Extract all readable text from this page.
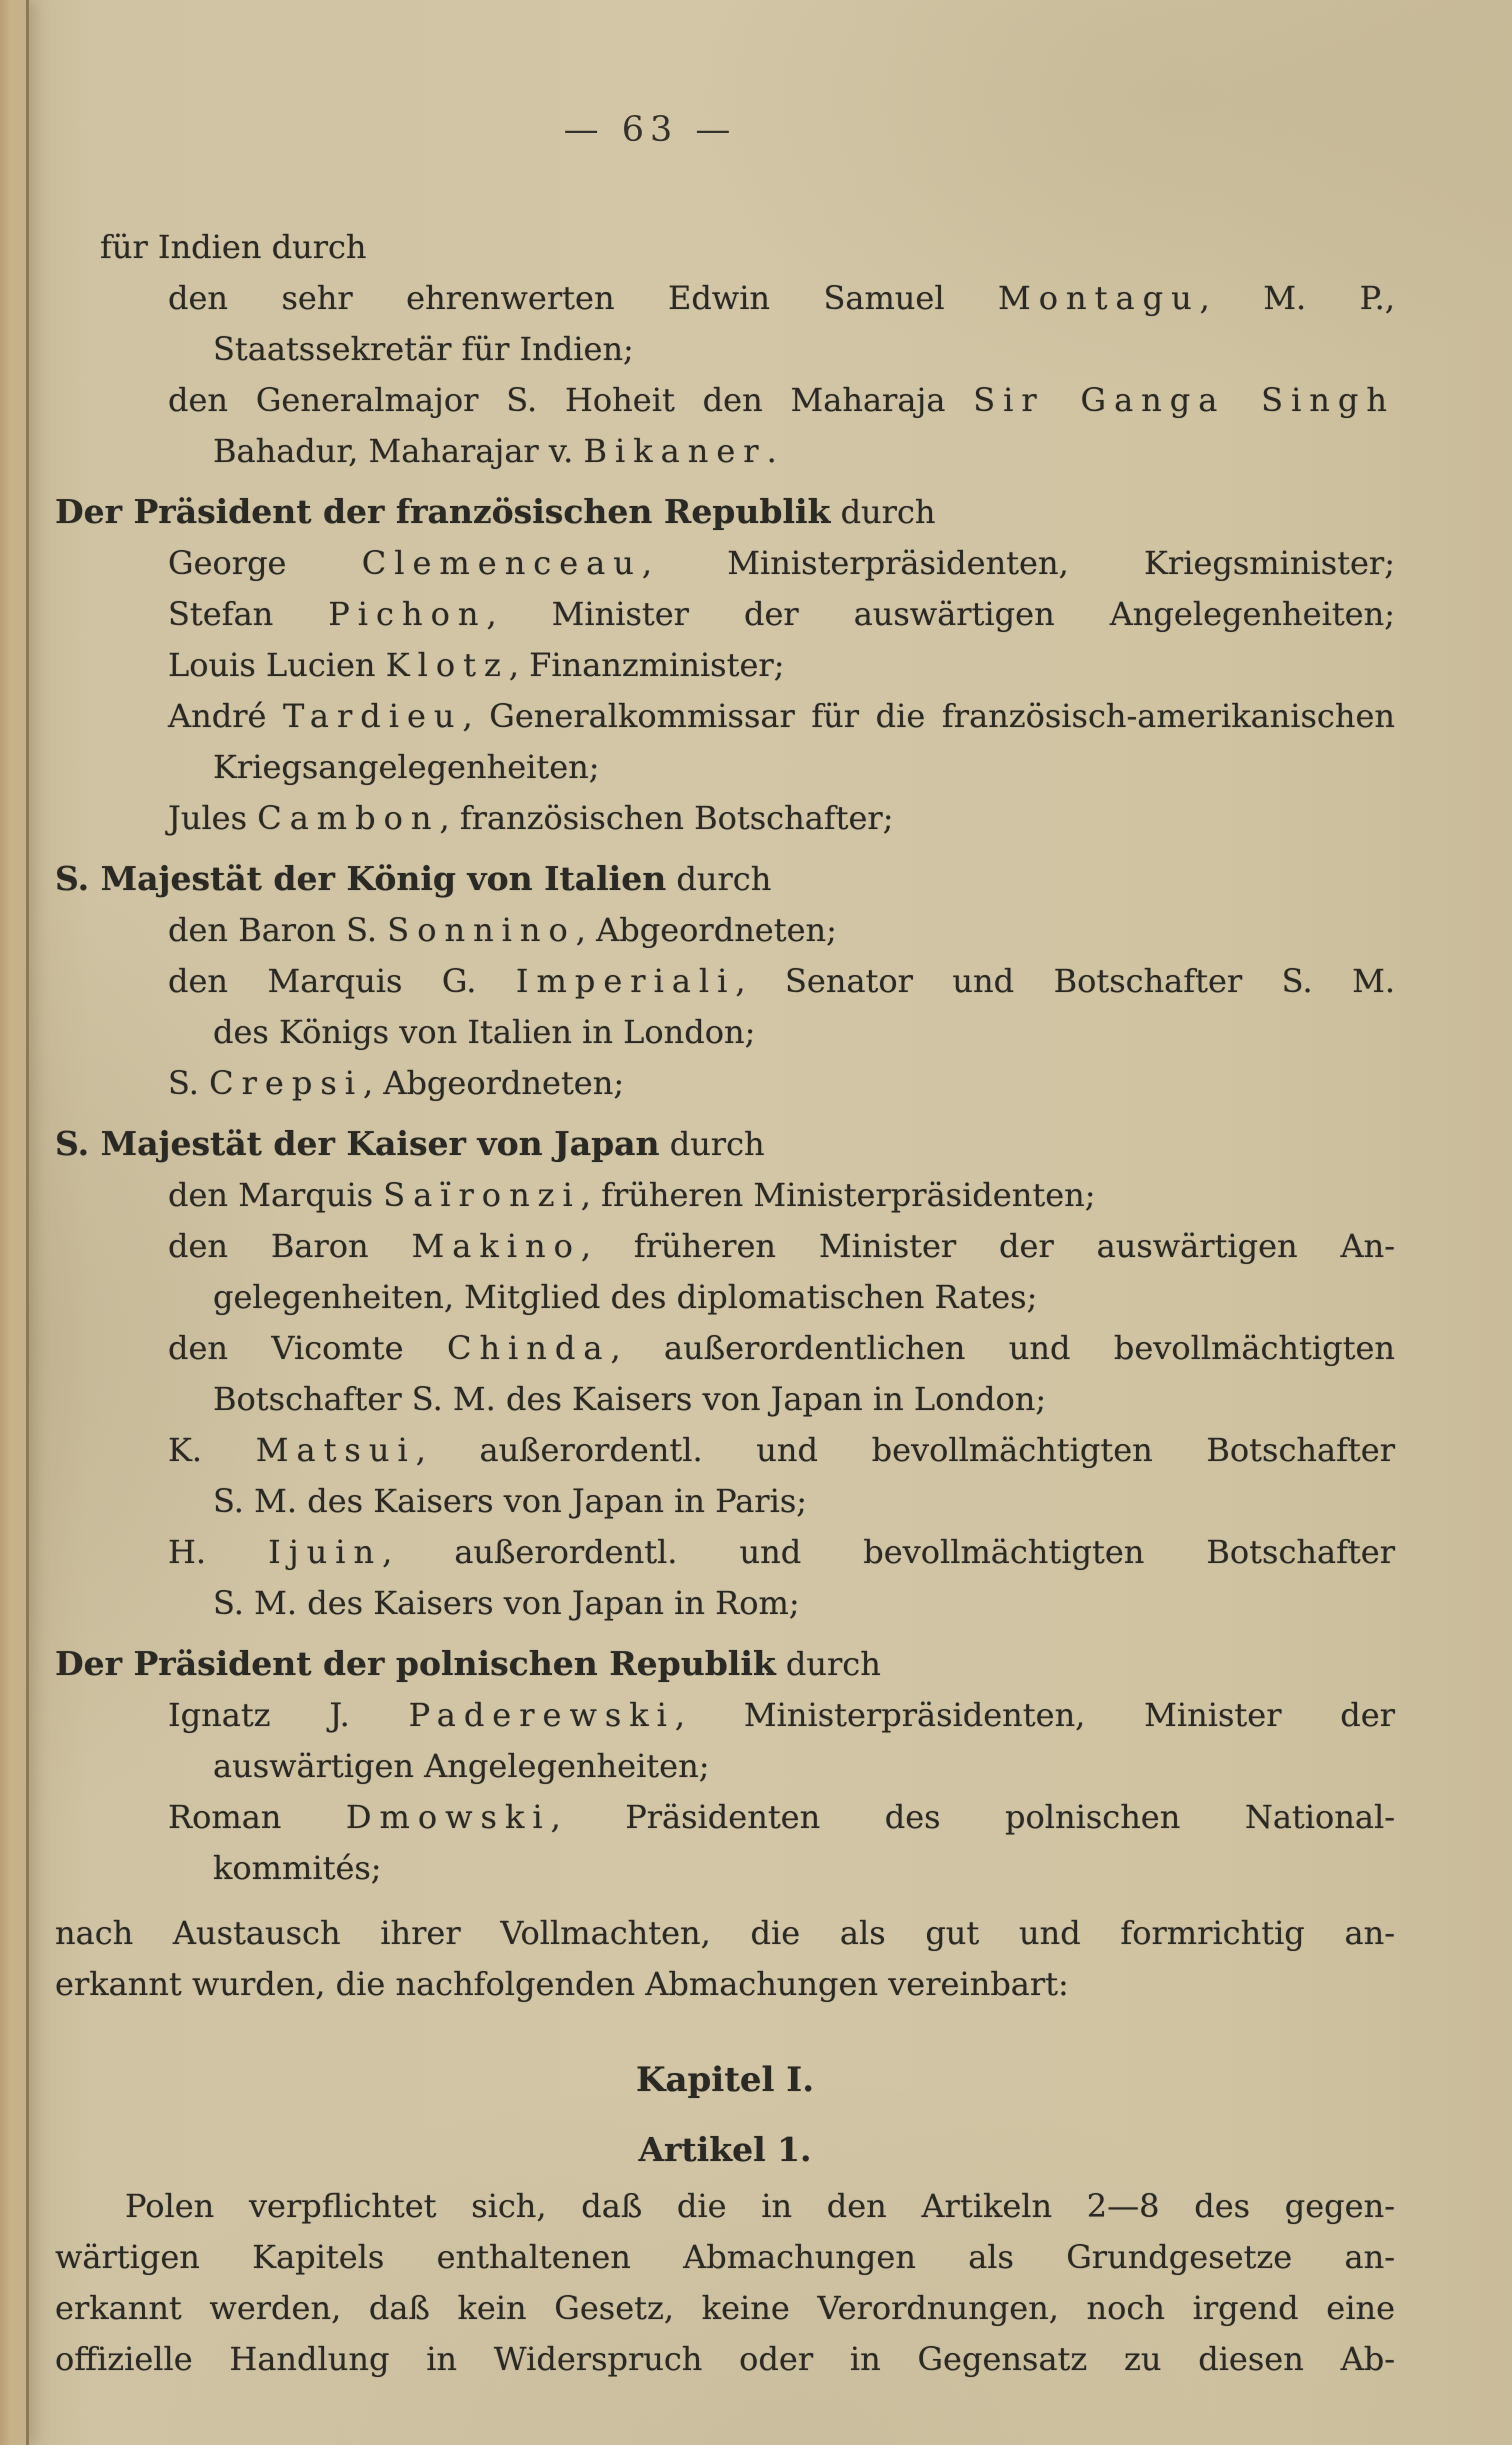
— 63 —
für Indien durch
den sehr ehrenwerten Edwin Samuel Montagu, M. P.,
Staatssekretär für Indien;
den Generalmajor S. Hoheit den Maharaja Sir Ganga Singh
Bahadur, Maharajar v. Bikaner.
Der Präsident der französischen Republik durch
George Clemenceau, Ministerpräsidenten, Kriegsminister;
Stefan Pichon, Minister der auswärtigen Angelegenheiten;
Louis Lucien Klotz, Finanzminister;
André Tardieu, Generalkommissar für die französisch-amerikanischen
Kriegsangelegenheiten;
Jules Cambon, französischen Botschafter;
S. Majestät der König von Italien durch
den Baron S. Sonnino, Abgeordneten;
den Marquis G. Imperiali, Senator und Botschafter S. M.
des Königs von Italien in London;
S. Crepsi, Abgeordneten;
S. Majestät der Kaiser von Japan durch
den Marquis Saïronzi, früheren Ministerpräsidenten;
den Baron Makino, früheren Minister der auswärtigen An-
gelegenheiten, Mitglied des diplomatischen Rates;
den Vicomte Chinda, außerordentlichen und bevollmächtigten
Botschafter S. M. des Kaisers von Japan in London;
K. Matsui, außerordentl. und bevollmächtigten Botschafter
S. M. des Kaisers von Japan in Paris;
H. Ijuin, außerordentl. und bevollmächtigten Botschafter
S. M. des Kaisers von Japan in Rom;
Der Präsident der polnischen Republik durch
Ignatz J. Paderewski, Ministerpräsidenten, Minister der
auswärtigen Angelegenheiten;
Roman Dmowski, Präsidenten des polnischen National-
kommités;
nach Austausch ihrer Vollmachten, die als gut und formrichtig an-
erkannt wurden, die nachfolgenden Abmachungen vereinbart:
Kapitel I.
Artikel 1.
Polen verpflichtet sich, daß die in den Artikeln 2—8 des gegen-
wärtigen Kapitels enthaltenen Abmachungen als Grundgesetze an-
erkannt werden, daß kein Gesetz, keine Verordnungen, noch irgend eine
offizielle Handlung in Widerspruch oder in Gegensatz zu diesen Ab-
